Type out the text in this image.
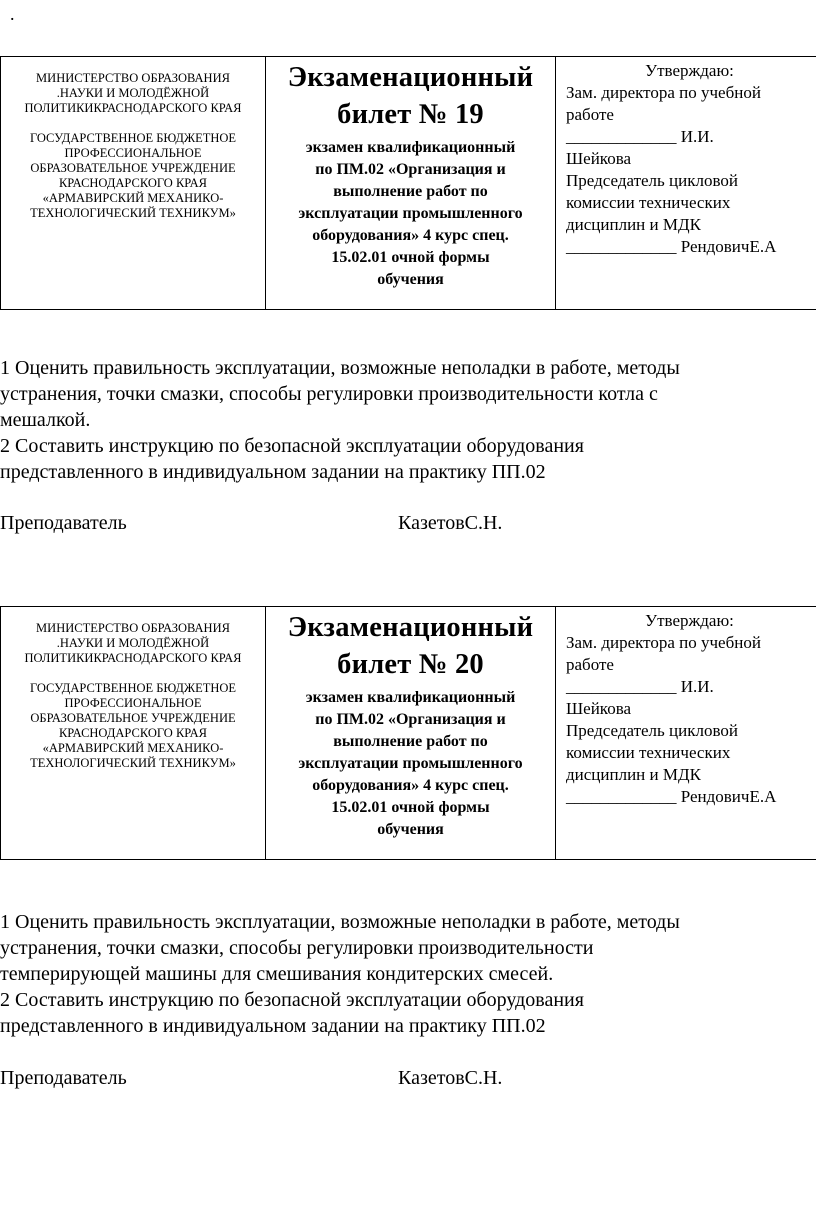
.
МИНИСТЕРСТВО ОБРАЗОВАНИЯ
.НАУКИ И МОЛОДЁЖНОЙ
ПОЛИТИКИКРАСНОДАРСКОГО КРАЯ
ГОСУДАРСТВЕННОЕ БЮДЖЕТНОЕ
ПРОФЕССИОНАЛЬНОЕ
ОБРАЗОВАТЕЛЬНОЕ УЧРЕЖДЕНИЕ
КРАСНОДАРСКОГО КРАЯ
«АРМАВИРСКИЙ МЕХАНИКО-
ТЕХНОЛОГИЧЕСКИЙ ТЕХНИКУМ»

Экзаменационный
билет № 19
экзамен квалификационный
по ПМ.02 «Организация и
выполнение работ по
эксплуатации промышленного
оборудования» 4 курс спец.
15.02.01 очной формы
обучения

Утверждаю:
Зам. директора по учебной
работе
_____________ И.И.
Шейкова
Председатель цикловой
комиссии технических
дисциплин и МДК
_____________ РендовичЕ.А
1 Оценить правильность эксплуатации, возможные неполадки в работе, методы
устранения, точки смазки, способы регулировки производительности котла с
мешалкой.
2 Составить инструкцию по безопасной эксплуатации оборудования
представленного в индивидуальном задании на практику ПП.02
Преподаватель	КазетовС.Н.
МИНИСТЕРСТВО ОБРАЗОВАНИЯ
.НАУКИ И МОЛОДЁЖНОЙ
ПОЛИТИКИКРАСНОДАРСКОГО КРАЯ
ГОСУДАРСТВЕННОЕ БЮДЖЕТНОЕ
ПРОФЕССИОНАЛЬНОЕ
ОБРАЗОВАТЕЛЬНОЕ УЧРЕЖДЕНИЕ
КРАСНОДАРСКОГО КРАЯ
«АРМАВИРСКИЙ МЕХАНИКО-
ТЕХНОЛОГИЧЕСКИЙ ТЕХНИКУМ»

Экзаменационный
билет № 20
экзамен квалификационный
по ПМ.02 «Организация и
выполнение работ по
эксплуатации промышленного
оборудования» 4 курс спец.
15.02.01 очной формы
обучения

Утверждаю:
Зам. директора по учебной
работе
_____________ И.И.
Шейкова
Председатель цикловой
комиссии технических
дисциплин и МДК
_____________ РендовичЕ.А
1 Оценить правильность эксплуатации, возможные неполадки в работе, методы
устранения, точки смазки, способы регулировки производительности
темперирующей машины для смешивания кондитерских смесей.
2 Составить инструкцию по безопасной эксплуатации оборудования
представленного в индивидуальном задании на практику ПП.02
Преподаватель	КазетовС.Н.
